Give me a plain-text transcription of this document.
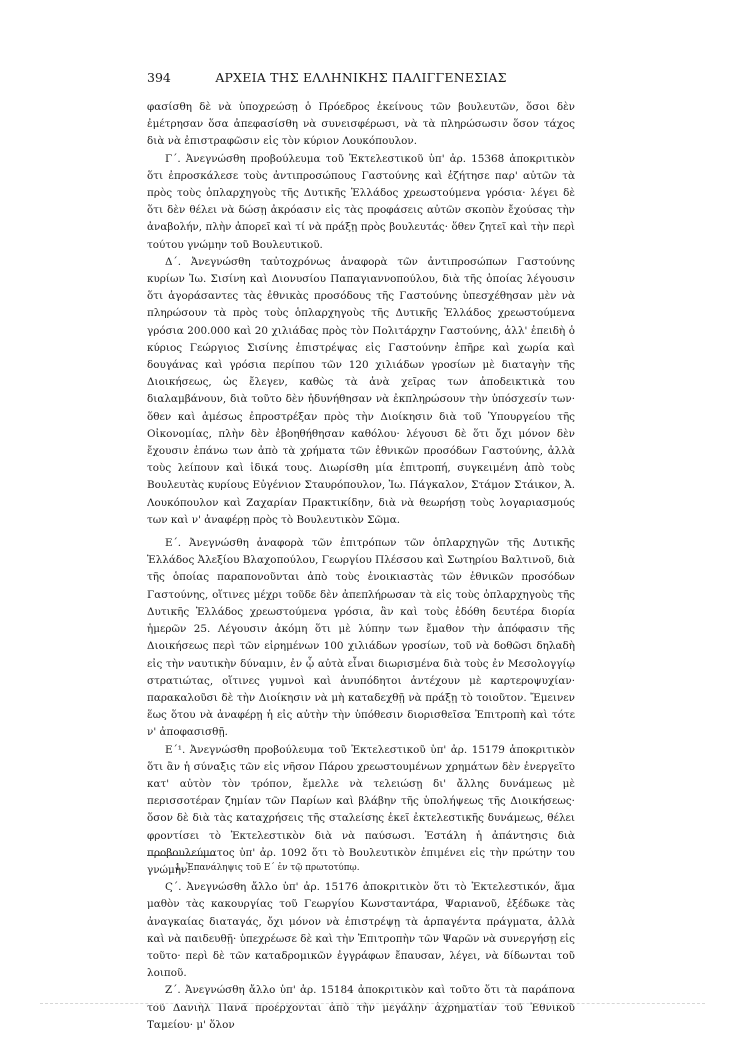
394	ΑΡΧΕΙΑ ΤΗΣ ΕΛΛΗΝΙΚΗΣ ΠΑΛΙΓΓΕΝΕΣΙΑΣ

φασίσθη δὲ νὰ ὑποχρεώσῃ ὁ Πρόεδρος ἐκείνους τῶν βουλευτῶν, ὅσοι δὲν ἐμέτρησαν ὅσα ἀπεφασίσθη νὰ συνεισφέρωσι, νὰ τὰ πληρώσωσιν ὅσον τάχος διὰ νὰ ἐπιστραφῶσιν εἰς τὸν κύριον Λουκόπουλον.

Γ΄. Ἀνεγνώσθη προβούλευμα τοῦ Ἐκτελεστικοῦ ὑπ' ἀρ. 15368 ἀποκριτικὸν ὅτι ἐπροσκάλεσε τοὺς ἀντιπροσώπους Γαστούνης καὶ ἐζήτησε παρ' αὐτῶν τὰ πρὸς τοὺς ὁπλαρχηγοὺς τῆς Δυτικῆς Ἑλλάδος χρεωστούμενα γρόσια· λέγει δὲ ὅτι δὲν θέλει νὰ δώσῃ ἀκρόασιν εἰς τὰς προφάσεις αὐτῶν σκοπὸν ἔχούσας τὴν ἀναβολήν, πλὴν ἀπορεῖ καὶ τί νὰ πράξῃ πρὸς βουλευτάς· ὅθεν ζητεῖ καὶ τὴν περὶ τούτου γνώμην τοῦ Βουλευτικοῦ.

Δ΄. Ἀνεγνώσθη ταὐτοχρόνως ἀναφορὰ τῶν ἀντιπροσώπων Γαστούνης κυρίων Ἰω. Σισίνη καὶ Διονυσίου Παπαγιαννοπούλου, διὰ τῆς ὁποίας λέγουσιν ὅτι ἀγοράσαντες τὰς ἐθνικὰς προσόδους τῆς Γαστούνης ὑπεσχέθησαν μὲν νὰ πληρώσουν τὰ πρὸς τοὺς ὁπλαρχηγοὺς τῆς Δυτικῆς Ἑλλάδος χρεωστούμενα γρόσια 200.000 καὶ 20 χιλιάδας πρὸς τὸν Πολιτάρχην Γαστούνης, ἀλλ' ἐπειδὴ ὁ κύριος Γεώργιος Σισίνης ἐπιστρέψας εἰς Γαστούνην ἐπῆρε καὶ χωρία καὶ δουγάνας καὶ γρόσια περίπου τῶν 120 χιλιάδων γροσίων μὲ διαταγὴν τῆς Διοικήσεως, ὡς ἔλεγεν, καθὼς τὰ ἀνὰ χεῖρας των ἀποδεικτικὰ του διαλαμβάνουν, διὰ τοῦτο δὲν ἠδυνήθησαν νὰ ἐκπληρώσουν τὴν ὑπόσχεσίν των· ὅθεν καὶ ἀμέσως ἐπροστρέξαν πρὸς τὴν Διοίκησιν διὰ τοῦ Ὑπουργείου τῆς Οἰκονομίας, πλὴν δὲν ἐβοηθήθησαν καθόλου· λέγουσι δὲ ὅτι ὄχι μόνον δὲν ἔχουσιν ἐπάνω των ἀπὸ τὰ χρήματα τῶν ἐθνικῶν προσόδων Γαστούνης, ἀλλὰ τοὺς λείπουν καὶ ἰδικά τους. Διωρίσθη μία ἐπιτροπή, συγκειμένη ἀπὸ τοὺς Βουλευτὰς κυρίους Εὐγένιον Σταυρόπουλον, Ἰω. Πάγκαλον, Στάμον Στάικον, Ἀ. Λουκόπουλον καὶ Ζαχαρίαν Πρακτικίδην, διὰ νὰ θεωρήσῃ τοὺς λογαριασμούς των καὶ ν' ἀναφέρῃ πρὸς τὸ Βουλευτικὸν Σῶμα.

Ε΄. Ἀνεγνώσθη ἀναφορὰ τῶν ἐπιτρόπων τῶν ὁπλαρχηγῶν τῆς Δυτικῆς Ἑλλάδος Ἀλεξίου Βλαχοπούλου, Γεωργίου Πλέσσου καὶ Σωτηρίου Βαλτινοῦ, διὰ τῆς ὁποίας παραπονοῦνται ἀπὸ τοὺς ἐνοικιαστὰς τῶν ἐθνικῶν προσόδων Γαστούνης, οἵτινες μέχρι τοῦδε δὲν ἀπεπλήρωσαν τὰ εἰς τοὺς ὁπλαρχηγοὺς τῆς Δυτικῆς Ἑλλάδος χρεωστούμενα γρόσια, ἂν καὶ τοὺς ἐδόθη δευτέρα διορία ἡμερῶν 25. Λέγουσιν ἀκόμη ὅτι μὲ λύπην των ἔμαθον τὴν ἀπόφασιν τῆς Διοικήσεως περὶ τῶν εἰρημένων 100 χιλιάδων γροσίων, τοῦ νὰ δοθῶσι δηλαδὴ εἰς τὴν ναυτικὴν δύναμιν, ἐν ᾧ αὐτὰ εἶναι διωρισμένα διὰ τοὺς ἐν Μεσολογγίῳ στρατιώτας, οἵτινες γυμνοὶ καὶ ἀνυπόδητοι ἀντέχουν μὲ καρτεροψυχίαν· παρακαλοῦσι δὲ τὴν Διοίκησιν νὰ μὴ καταδεχθῇ νὰ πράξῃ τὸ τοιοῦτον. Ἔμεινεν ἕως ὅτου νὰ ἀναφέρῃ ἡ εἰς αὐτὴν τὴν ὑπόθεσιν διορισθεῖσα Ἐπιτροπὴ καὶ τότε ν' ἀποφασισθῇ.

Ε΄¹. Ἀνεγνώσθη προβούλευμα τοῦ Ἐκτελεστικοῦ ὑπ' ἀρ. 15179 ἀποκριτικὸν ὅτι ἂν ἡ σύναξις τῶν εἰς νῆσον Πάρου χρεωστουμένων χρημάτων δὲν ἐνεργεῖτο κατ' αὐτὸν τὸν τρόπον, ἔμελλε νὰ τελειώσῃ δι' ἄλλης δυνάμεως μὲ περισσοτέραν ζημίαν τῶν Παρίων καὶ βλάβην τῆς ὑπολήψεως τῆς Διοικήσεως· ὅσον δὲ διὰ τὰς καταχρήσεις τῆς σταλείσης ἐκεῖ ἐκτελεστικῆς δυνάμεως, θέλει φροντίσει τὸ Ἐκτελεστικὸν διὰ νὰ παύσωσι. Ἐστάλη ἡ ἀπάντησις διὰ προβουλεύματος ὑπ' ἀρ. 1092 ὅτι τὸ Βουλευτικὸν ἐπιμένει εἰς τὴν πρώτην του γνώμην.

Ϛ΄. Ἀνεγνώσθη ἄλλο ὑπ' ἀρ. 15176 ἀποκριτικὸν ὅτι τὸ Ἐκτελεστικόν, ἅμα μαθὸν τὰς κακουργίας τοῦ Γεωργίου Κωνσταντάρα, Ψαριανοῦ, ἐξέδωκε τὰς ἀναγκαίας διαταγάς, ὄχι μόνον νὰ ἐπιστρέψῃ τὰ ἁρπαγέντα πράγματα, ἀλλὰ καὶ νὰ παιδευθῇ· ὑπεχρέωσε δὲ καὶ τὴν Ἐπιτροπὴν τῶν Ψαρῶν νὰ συνεργήσῃ εἰς τοῦτο· περὶ δὲ τῶν καταδρομικῶν ἐγγράφων ἔπαυσαν, λέγει, νὰ δίδωνται τοῦ λοιποῦ.

Ζ΄. Ἀνεγνώσθη ἄλλο ὑπ' ἀρ. 15184 ἀποκριτικὸν καὶ τοῦτο ὅτι τὰ παράπονα τοῦ Δανιὴλ Πανᾶ προέρχονται ἀπὸ τὴν μεγάλην ἀχρηματίαν τοῦ Ἐθνικοῦ Ταμείου· μ' ὅλον

1. Ἐπανάληψις τοῦ Ε΄ ἐν τῷ πρωτοτύπῳ.
